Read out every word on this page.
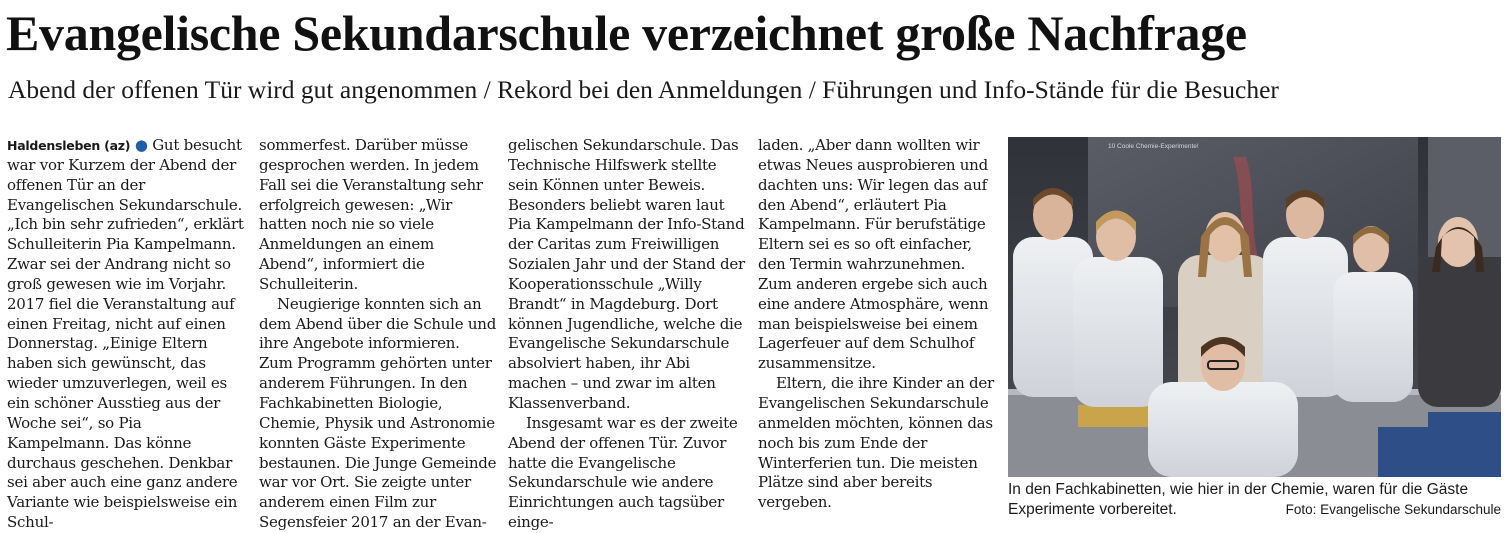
Evangelische Sekundarschule verzeichnet große Nachfrage
Abend der offenen Tür wird gut angenommen / Rekord bei den Anmeldungen / Führungen und Info-Stände für die Besucher

Haldensleben (az) ● Gut besucht war vor Kurzem der Abend der offenen Tür an der Evangelischen Sekundarschule. „Ich bin sehr zufrieden“, erklärt Schulleiterin Pia Kampelmann. Zwar sei der Andrang nicht so groß gewesen wie im Vorjahr. 2017 fiel die Veranstaltung auf einen Freitag, nicht auf einen Donnerstag. „Einige Eltern haben sich gewünscht, das wieder umzuverlegen, weil es ein schöner Ausstieg aus der Woche sei“, so Pia Kampelmann. Das könne durchaus geschehen. Denkbar sei aber auch eine ganz andere Variante wie beispielsweise ein Schul-

sommerfest. Darüber müsse gesprochen werden. In jedem Fall sei die Veranstaltung sehr erfolgreich gewesen: „Wir hatten noch nie so viele Anmeldungen an einem Abend“, informiert die Schulleiterin.

Neugierige konnten sich an dem Abend über die Schule und ihre Angebote informieren. Zum Programm gehörten unter anderem Führungen. In den Fachkabinetten Biologie, Chemie, Physik und Astronomie konnten Gäste Experimente bestaunen. Die Junge Gemeinde war vor Ort. Sie zeigte unter anderem einen Film zur Segensfeier 2017 an der Evan-

gelischen Sekundarschule. Das Technische Hilfswerk stellte sein Können unter Beweis. Besonders beliebt waren laut Pia Kampelmann der Info-Stand der Caritas zum Freiwilligen Sozialen Jahr und der Stand der Kooperationsschule „Willy Brandt“ in Magdeburg. Dort können Jugendliche, welche die Evangelische Sekundarschule absolviert haben, ihr Abi machen – und zwar im alten Klassenverband.

Insgesamt war es der zweite Abend der offenen Tür. Zuvor hatte die Evangelische Sekundarschule wie andere Einrichtungen auch tagsüber einge-

laden. „Aber dann wollten wir etwas Neues ausprobieren und dachten uns: Wir legen das auf den Abend“, erläutert Pia Kampelmann. Für berufstätige Eltern sei es so oft einfacher, den Termin wahrzunehmen. Zum anderen ergebe sich auch eine andere Atmosphäre, wenn man beispielsweise bei einem Lagerfeuer auf dem Schulhof zusammensitze.

Eltern, die ihre Kinder an der Evangelischen Sekundarschule anmelden möchten, können das noch bis zum Ende der Winterferien tun. Die meisten Plätze sind aber bereits vergeben.

10 Coole Chemie-Experimente!
In den Fachkabinetten, wie hier in der Chemie, waren für die Gäste Experimente vorbereitet.	Foto: Evangelische Sekundarschule
